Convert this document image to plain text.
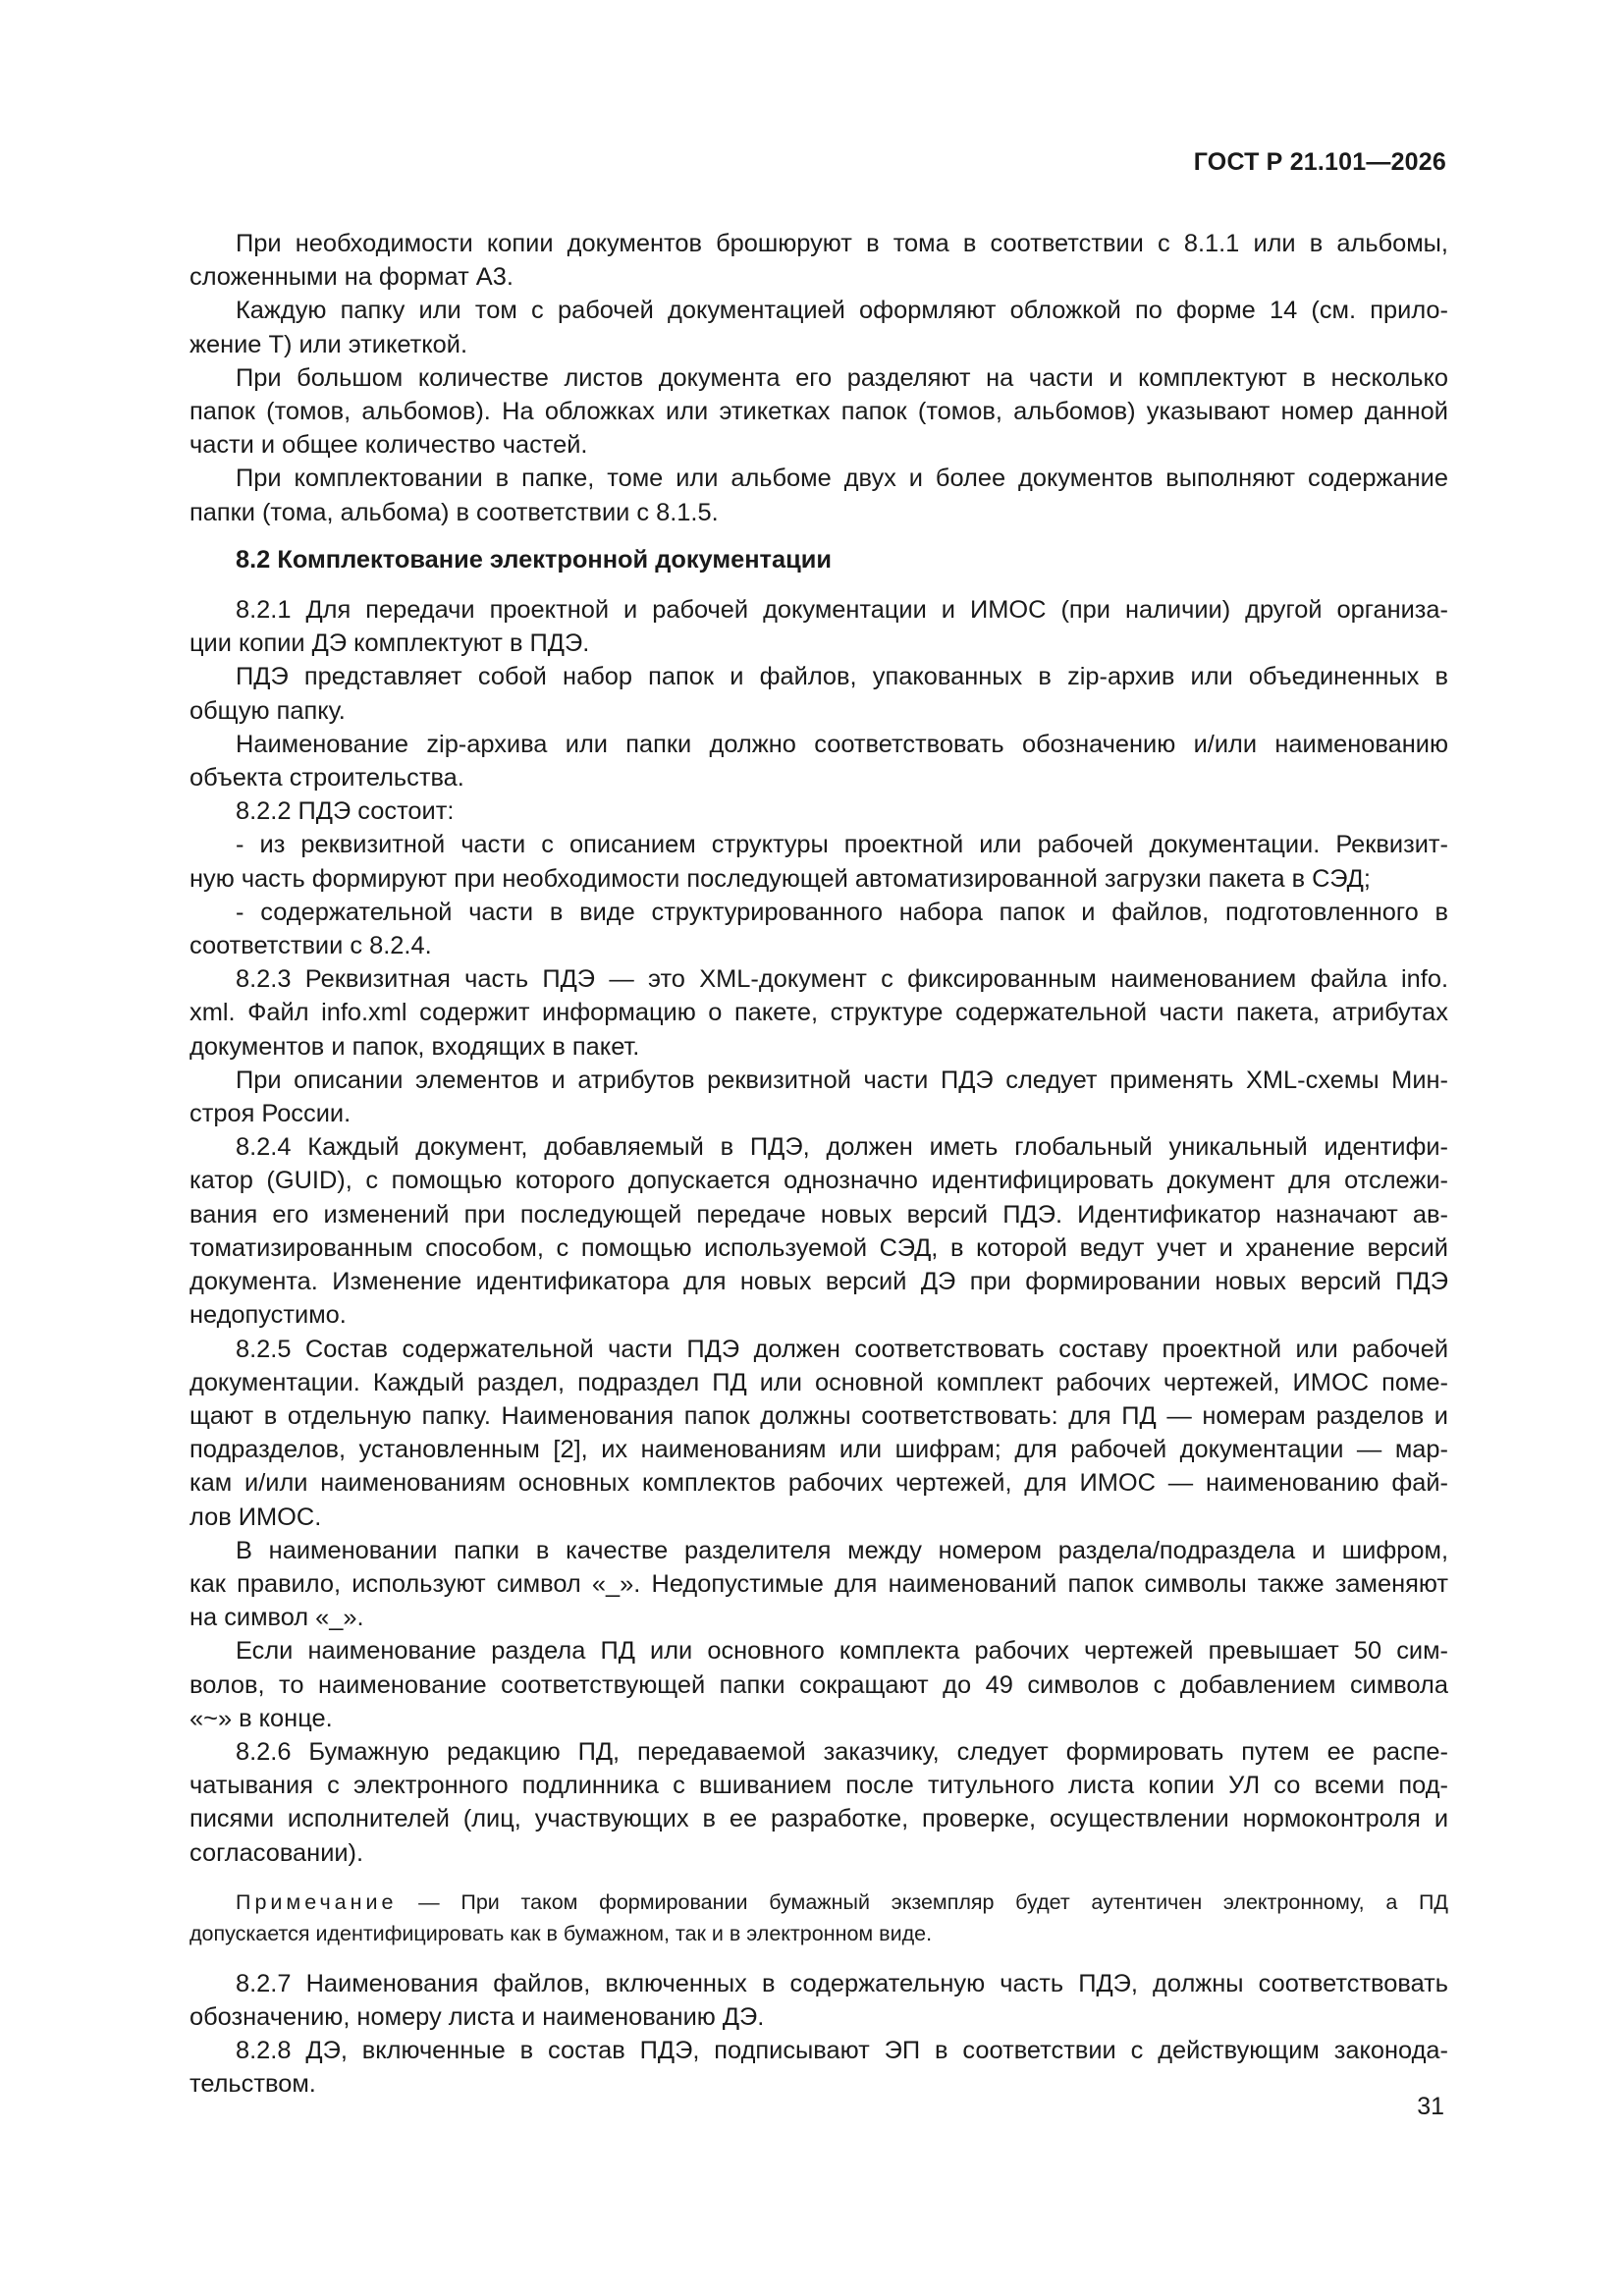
ГОСТ Р 21.101—2026

При необходимости копии документов брошюруют в тома в соответствии с 8.1.1 или в альбомы,
сложенными на формат А3.

Каждую папку или том с рабочей документацией оформляют обложкой по форме 14 (см. прило-
жение Т) или этикеткой.

При большом количестве листов документа его разделяют на части и комплектуют в несколько
папок (томов, альбомов). На обложках или этикетках папок (томов, альбомов) указывают номер данной
части и общее количество частей.

При комплектовании в папке, томе или альбоме двух и более документов выполняют содержание
папки (тома, альбома) в соответствии с 8.1.5.

8.2 Комплектование электронной документации

8.2.1 Для передачи проектной и рабочей документации и ИМОС (при наличии) другой организа-
ции копии ДЭ комплектуют в ПДЭ.

ПДЭ представляет собой набор папок и файлов, упакованных в zip-архив или объединенных в
общую папку.

Наименование zip-архива или папки должно соответствовать обозначению и/или наименованию
объекта строительства.

8.2.2 ПДЭ состоит:

- из реквизитной части с описанием структуры проектной или рабочей документации. Реквизит-
ную часть формируют при необходимости последующей автоматизированной загрузки пакета в СЭД;

- содержательной части в виде структурированного набора папок и файлов, подготовленного в
соответствии с 8.2.4.

8.2.3 Реквизитная часть ПДЭ — это XML-документ с фиксированным наименованием файла info.
xml. Файл info.xml содержит информацию о пакете, структуре содержательной части пакета, атрибутах
документов и папок, входящих в пакет.

При описании элементов и атрибутов реквизитной части ПДЭ следует применять XML-схемы Мин-
строя России.

8.2.4 Каждый документ, добавляемый в ПДЭ, должен иметь глобальный уникальный идентифи-
катор (GUID), с помощью которого допускается однозначно идентифицировать документ для отслежи-
вания его изменений при последующей передаче новых версий ПДЭ. Идентификатор назначают ав-
томатизированным способом, с помощью используемой СЭД, в которой ведут учет и хранение версий
документа. Изменение идентификатора для новых версий ДЭ при формировании новых версий ПДЭ
недопустимо.

8.2.5 Состав содержательной части ПДЭ должен соответствовать составу проектной или рабочей
документации. Каждый раздел, подраздел ПД или основной комплект рабочих чертежей, ИМОС поме-
щают в отдельную папку. Наименования папок должны соответствовать: для ПД — номерам разделов и
подразделов, установленным [2], их наименованиям или шифрам; для рабочей документации — мар-
кам и/или наименованиям основных комплектов рабочих чертежей, для ИМОС — наименованию фай-
лов ИМОС.

В наименовании папки в качестве разделителя между номером раздела/подраздела и шифром,
как правило, используют символ «_». Недопустимые для наименований папок символы также заменяют
на символ «_».

Если наименование раздела ПД или основного комплекта рабочих чертежей превышает 50 сим-
волов, то наименование соответствующей папки сокращают до 49 символов с добавлением символа
«~» в конце.

8.2.6 Бумажную редакцию ПД, передаваемой заказчику, следует формировать путем ее распе-
чатывания с электронного подлинника с вшиванием после титульного листа копии УЛ со всеми под-
писями исполнителей (лиц, участвующих в ее разработке, проверке, осуществлении нормоконтроля и
согласовании).

Примечание — При таком формировании бумажный экземпляр будет аутентичен электронному, а ПД
допускается идентифицировать как в бумажном, так и в электронном виде.

8.2.7 Наименования файлов, включенных в содержательную часть ПДЭ, должны соответствовать
обозначению, номеру листа и наименованию ДЭ.

8.2.8 ДЭ, включенные в состав ПДЭ, подписывают ЭП в соответствии с действующим законода-
тельством.

31
